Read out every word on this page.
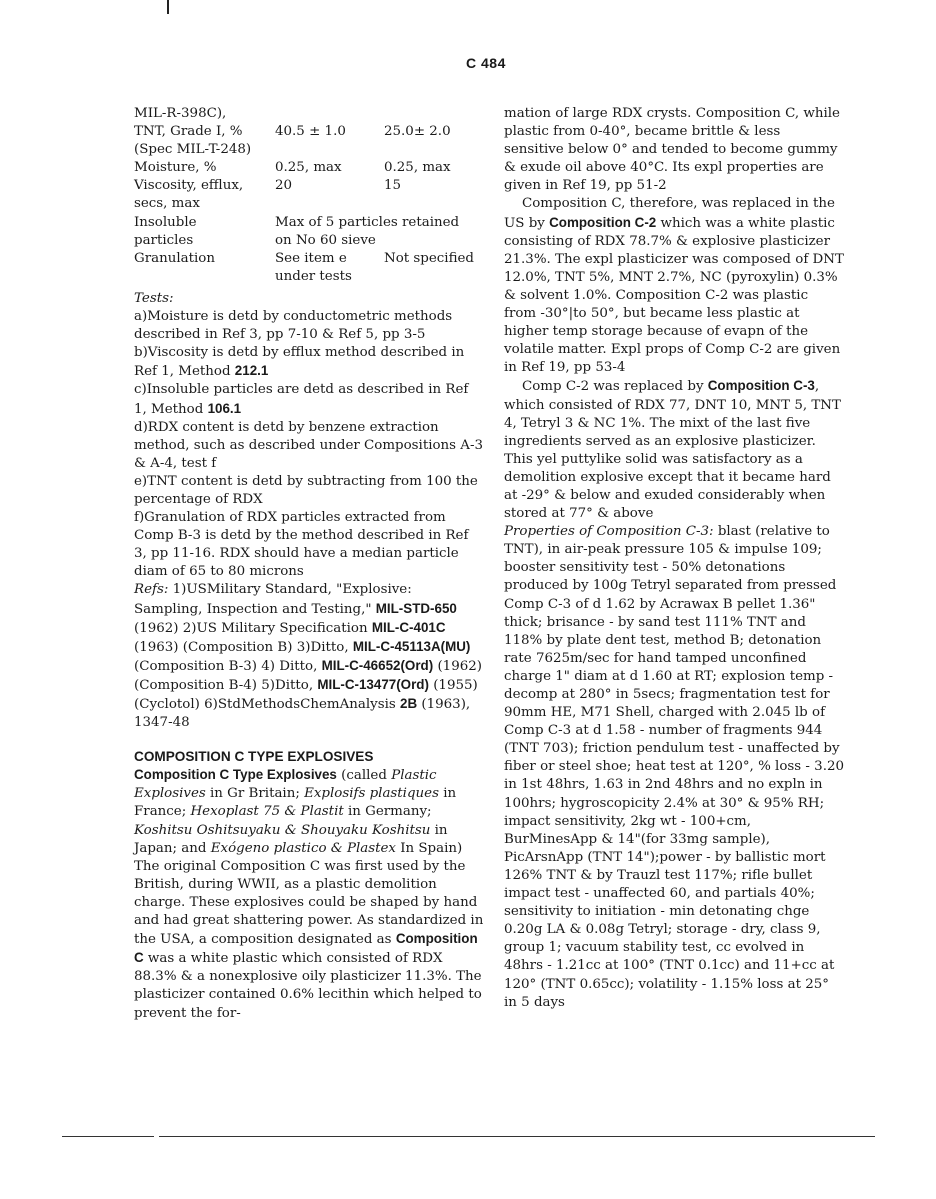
C 484
MIL-R-398C),
TNT, Grade I, %	40.5 ± 1.0	25.0± 2.0
(Spec MIL-T-248)
Moisture, %	0.25, max	0.25, max
Viscosity, efflux,	20	15
secs, max
Insoluble	Max of 5 particles retained
particles	on No 60 sieve
Granulation	See item e	Not specified
under tests

Tests:

a)Moisture is detd by conductometric methods described in Ref 3, pp 7-10 & Ref 5, pp 3-5

b)Viscosity is detd by efflux method described in Ref 1, Method 212.1

c)Insoluble particles are detd as described in Ref 1, Method 106.1

d)RDX content is detd by benzene extraction method, such as described under Compositions A-3 & A-4, test f

e)TNT content is detd by subtracting from 100 the percentage of RDX

f)Granulation of RDX particles extracted from Comp B-3 is detd by the method described in Ref 3, pp 11-16. RDX should have a median particle diam of 65 to 80 microns

Refs: 1)USMilitary Standard, "Explosive: Sampling, Inspection and Testing," MIL-STD-650 (1962) 2)US Military Specification MIL-C-401C (1963) (Composition B) 3)Ditto, MIL-C-45113A(MU) (Composition B-3) 4) Ditto, MIL-C-46652(Ord) (1962) (Composition B-4) 5)Ditto, MIL-C-13477(Ord) (1955) (Cyclotol) 6)StdMethodsChemAnalysis 2B (1963), 1347-48

COMPOSITION C TYPE EXPLOSIVES

Composition C Type Explosives (called Plastic Explosives in Gr Britain; Explosifs plastiques in France; Hexoplast 75 & Plastit in Germany; Koshitsu Oshitsuyaku & Shouyaku Koshitsu in Japan; and Exógeno plastico & Plastex In Spain) The original Composition C was first used by the British, during WWII, as a plastic demolition charge. These explosives could be shaped by hand and had great shattering power. As standardized in the USA, a composition designated as Composition C was a white plastic which consisted of RDX 88.3% & a nonexplosive oily plasticizer 11.3%. The plasticizer contained 0.6% lecithin which helped to prevent the for-

mation of large RDX crysts. Composition C, while plastic from 0-40°, became brittle & less sensitive below 0° and tended to become gummy & exude oil above 40°C. Its expl properties are given in Ref 19, pp 51-2

Composition C, therefore, was replaced in the US by Composition C-2 which was a white plastic consisting of RDX 78.7% & explosive plasticizer 21.3%. The expl plasticizer was composed of DNT 12.0%, TNT 5%, MNT 2.7%, NC (pyroxylin) 0.3% & solvent 1.0%. Composition C-2 was plastic from -30°|to 50°, but became less plastic at higher temp storage because of evapn of the volatile matter. Expl props of Comp C-2 are given in Ref 19, pp 53-4

Comp C-2 was replaced by Composition C-3, which consisted of RDX 77, DNT 10, MNT 5, TNT 4, Tetryl 3 & NC 1%. The mixt of the last five ingredients served as an explosive plasticizer. This yel puttylike solid was satisfactory as a demolition explosive except that it became hard at -29° & below and exuded considerably when stored at 77° & above

Properties of Composition C-3: blast (relative to TNT), in air-peak pressure 105 & impulse 109; booster sensitivity test - 50% detonations produced by 100g Tetryl separated from pressed Comp C-3 of d 1.62 by Acrawax B pellet 1.36" thick; brisance - by sand test 111% TNT and 118% by plate dent test, method B; detonation rate 7625m/sec for hand tamped unconfined charge 1" diam at d 1.60 at RT; explosion temp - decomp at 280° in 5secs; fragmentation test for 90mm HE, M71 Shell, charged with 2.045 lb of Comp C-3 at d 1.58 - number of fragments 944 (TNT 703); friction pendulum test - unaffected by fiber or steel shoe; heat test at 120°, % loss - 3.20 in 1st 48hrs, 1.63 in 2nd 48hrs and no expln in 100hrs; hygroscopicity 2.4% at 30° & 95% RH; impact sensitivity, 2kg wt - 100+cm, BurMinesApp & 14"(for 33mg sample), PicArsnApp (TNT 14");power - by ballistic mort 126% TNT & by Trauzl test 117%; rifle bullet impact test - unaffected 60, and partials 40%; sensitivity to initiation - min detonating chge 0.20g LA & 0.08g Tetryl; storage - dry, class 9, group 1; vacuum stability test, cc evolved in 48hrs - 1.21cc at 100° (TNT 0.1cc) and 11+cc at 120° (TNT 0.65cc); volatility - 1.15% loss at 25° in 5 days
